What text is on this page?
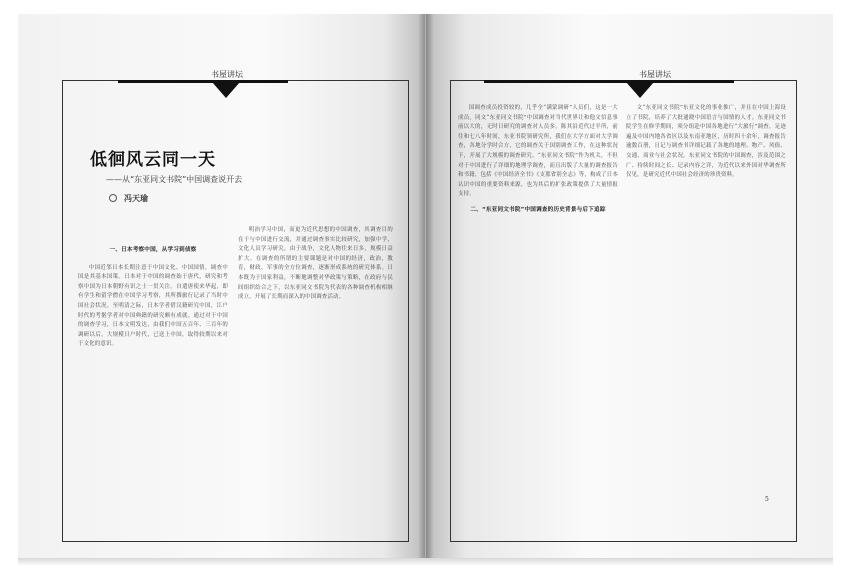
书屋讲坛
低徊风云同一天
——从“东亚同文书院”中国调查说开去
冯天瑜
一、日本考察中国，从学习到侦察

中国近邻日本长期注意于中国文化、中国国情，调查中国是其基本国策。日本对于中国的调查始于唐代，研究和考察中国为日本朝野有识之士一贯关注。自遣唐使来华起，即有学生和留学僧在中国学习考察，其所撰旅行记录了当时中国社会状况。至明清之际，日本学者借汉籍研究中国，江户时代的考据学者对中国典籍的研究颇有成就。通过对于中国的调查学习，日本文明发达，由我们中国五百年、三百年的调研以后，大规模日户时代，已送上中国，取得较期以来对于文化的意识。

明治学习中国，而更为近代思想的中国调查，其调查目的在于与中国进行交流，并通过调查事实比较研究，加强中学、文化人员学习研究，由于战争，文化人物往来日多，规模日益扩大。在调查的所谓的主要课题是对中国的经济，政治，教育，财政，军事的全方位调查，逐渐形成系统的研究体系。日本既为于国家利益，不断地调整对华政策与策略，在政府与民间组织结合之下，以东亚同文书院为代表的各种调查机构相继成立，开展了长期而深入的中国调查活动。

书屋讲坛

国调查成员投资较的，几乎全“满蒙调研”人员们，这是一大成员，同文“东亚同文书院”中国调查对当代世界让和他文信息事前以大的，无时日研究的调查对人员多。陈其沿近代过半所，前往和七八年时间，东亚书院领研究所，我们在大学方面对大学调查，各地分学时合方，它的调查关于国别调查工作，在这种状况下，开展了大规模的调查研究。“东亚同文书院”作为机关，不但对于中国进行了详细的地理学调查，而且出版了大量的调查报告和书籍，包括《中国经济全书》《支那省别全志》等，构成了日本认识中国的重要资料来源，也为其后的扩张政策提供了大量情报支持。

二、“东亚同文书院”中国调查的历史背景与后下追踪

文“东亚同文书院”东亚文化的事业推广，并且在中国上海设立了书院，培养了大批通晓中国语言与国情的人才。东亚同文书院学生在修学期间，须分组赴中国各地进行“大旅行”调查，足迹遍及中国内地各省区以及东南亚地区，历时四十余年，调查报告逾数百册，日记与调查书详细记载了各地的地理、物产、风俗、交通、商业与社会状况。东亚同文书院的中国调查，涉及范围之广、持续时间之长、记录内容之详，为近代以来外国对华调查所仅见，是研究近代中国社会经济的珍贵资料。

5
